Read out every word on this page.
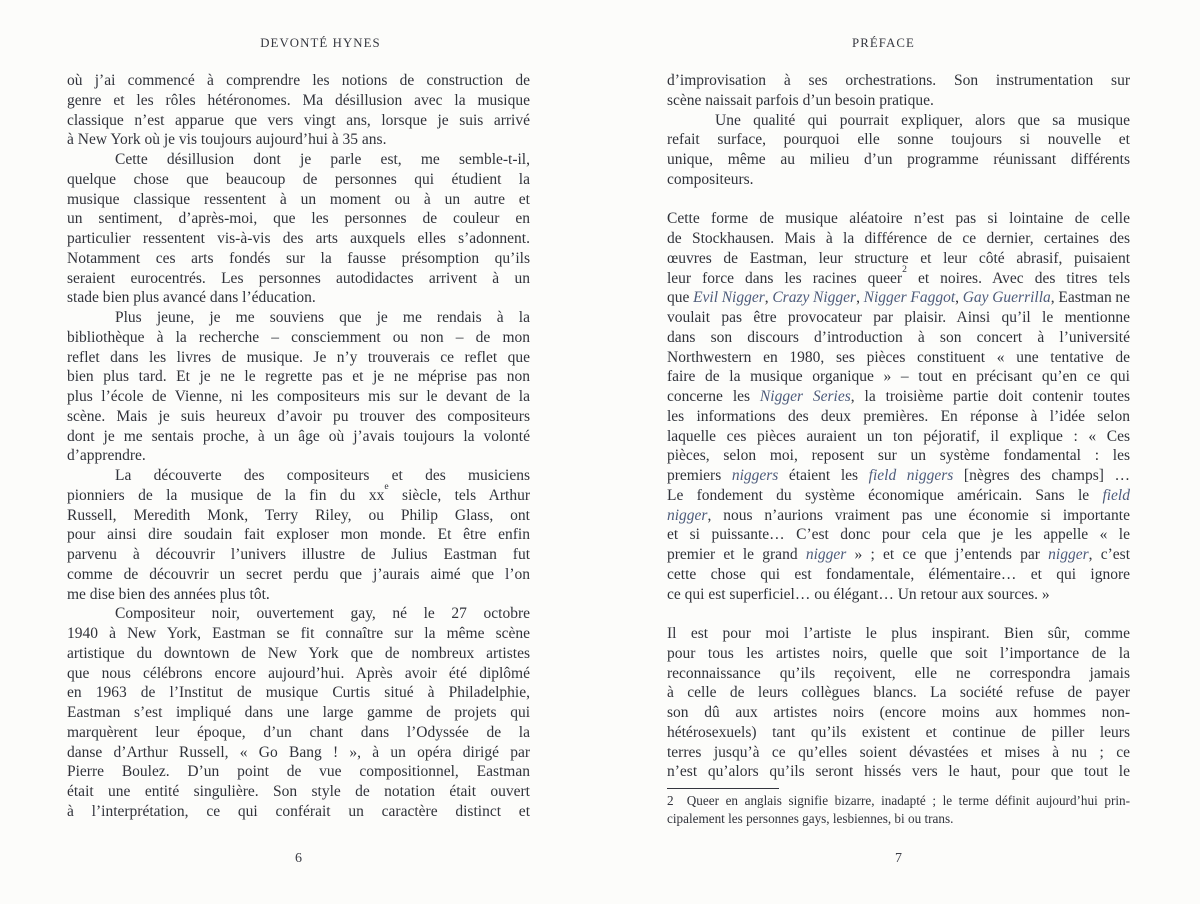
DEVONTÉ HYNES
où j’ai commencé à comprendre les notions de construction de
genre et les rôles hétéronomes. Ma désillusion avec la musique
classique n’est apparue que vers vingt ans, lorsque je suis arrivé
à New York où je vis toujours aujourd’hui à 35 ans.
Cette désillusion dont je parle est, me semble-t-il,
quelque chose que beaucoup de personnes qui étudient la
musique classique ressentent à un moment ou à un autre et
un sentiment, d’après-moi, que les personnes de couleur en
particulier ressentent vis-à-vis des arts auxquels elles s’adonnent.
Notamment ces arts fondés sur la fausse présomption qu’ils
seraient eurocentrés. Les personnes autodidactes arrivent à un
stade bien plus avancé dans l’éducation.
Plus jeune, je me souviens que je me rendais à la
bibliothèque à la recherche – consciemment ou non – de mon
reflet dans les livres de musique. Je n’y trouverais ce reflet que
bien plus tard. Et je ne le regrette pas et je ne méprise pas non
plus l’école de Vienne, ni les compositeurs mis sur le devant de la
scène. Mais je suis heureux d’avoir pu trouver des compositeurs
dont je me sentais proche, à un âge où j’avais toujours la volonté
d’apprendre.
La découverte des compositeurs et des musiciens
pionniers de la musique de la fin du $xx^e$ siècle, tels Arthur
Russell, Meredith Monk, Terry Riley, ou Philip Glass, ont
pour ainsi dire soudain fait exploser mon monde. Et être enfin
parvenu à découvrir l’univers illustre de Julius Eastman fut
comme de découvrir un secret perdu que j’aurais aimé que l’on
me dise bien des années plus tôt.
Compositeur noir, ouvertement gay, né le 27 octobre
1940 à New York, Eastman se fit connaître sur la même scène
artistique du downtown de New York que de nombreux artistes
que nous célébrons encore aujourd’hui. Après avoir été diplômé
en 1963 de l’Institut de musique Curtis situé à Philadelphie,
Eastman s’est impliqué dans une large gamme de projets qui
marquèrent leur époque, d’un chant dans l’Odyssée de la
danse d’Arthur Russell, « Go Bang ! », à un opéra dirigé par
Pierre Boulez. D’un point de vue compositionnel, Eastman
était une entité singulière. Son style de notation était ouvert
à l’interprétation, ce qui conférait un caractère distinct et
6
PRÉFACE
d’improvisation à ses orchestrations. Son instrumentation sur
scène naissait parfois d’un besoin pratique.
Une qualité qui pourrait expliquer, alors que sa musique
refait surface, pourquoi elle sonne toujours si nouvelle et
unique, même au milieu d’un programme réunissant différents
compositeurs.
Cette forme de musique aléatoire n’est pas si lointaine de celle
de Stockhausen. Mais à la différence de ce dernier, certaines des
œuvres de Eastman, leur structure et leur côté abrasif, puisaient
leur force dans les racines queer$^2$ et noires. Avec des titres tels
que Evil Nigger, Crazy Nigger, Nigger Faggot, Gay Guerrilla, Eastman ne
voulait pas être provocateur par plaisir. Ainsi qu’il le mentionne
dans son discours d’introduction à son concert à l’université
Northwestern en 1980, ses pièces constituent « une tentative de
faire de la musique organique » – tout en précisant qu’en ce qui
concerne les Nigger Series, la troisième partie doit contenir toutes
les informations des deux premières. En réponse à l’idée selon
laquelle ces pièces auraient un ton péjoratif, il explique : « Ces
pièces, selon moi, reposent sur un système fondamental : les
premiers niggers étaient les field niggers [nègres des champs] …
Le fondement du système économique américain. Sans le field
nigger, nous n’aurions vraiment pas une économie si importante
et si puissante… C’est donc pour cela que je les appelle « le
premier et le grand nigger » ; et ce que j’entends par nigger, c’est
cette chose qui est fondamentale, élémentaire… et qui ignore
ce qui est superficiel… ou élégant… Un retour aux sources. »
Il est pour moi l’artiste le plus inspirant. Bien sûr, comme
pour tous les artistes noirs, quelle que soit l’importance de la
reconnaissance qu’ils reçoivent, elle ne correspondra jamais
à celle de leurs collègues blancs. La société refuse de payer
son dû aux artistes noirs (encore moins aux hommes non-
hétérosexuels) tant qu’ils existent et continue de piller leurs
terres jusqu’à ce qu’elles soient dévastées et mises à nu ; ce
n’est qu’alors qu’ils seront hissés vers le haut, pour que tout le
2 Queer en anglais signifie bizarre, inadapté ; le terme définit aujourd’hui prin-
cipalement les personnes gays, lesbiennes, bi ou trans.
7
